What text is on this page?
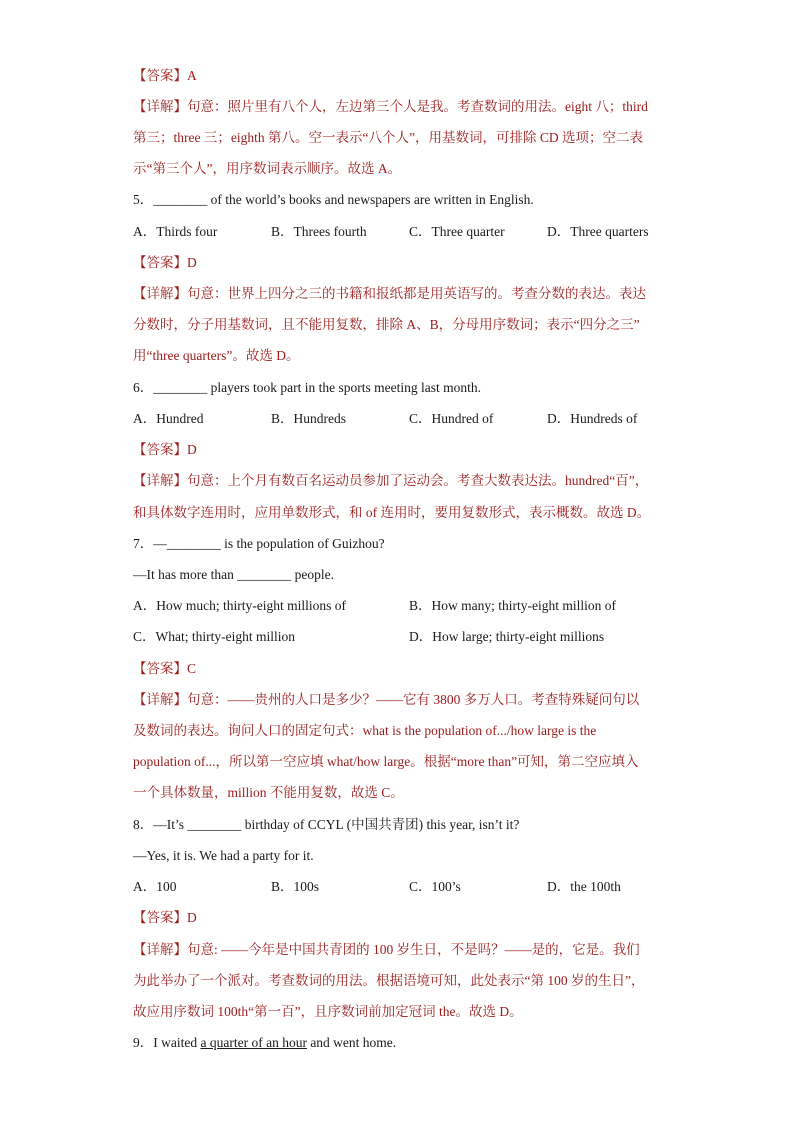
【答案】A

【详解】句意：照片里有八个人，左边第三个人是我。考查数词的用法。eight 八；third

第三；three 三；eighth 第八。空一表示“八个人”，用基数词，可排除 CD 选项；空二表

示“第三个人”，用序数词表示顺序。故选 A。

5．________ of the world’s books and newspapers are written in English.

A．Thirds four	B．Threes fourth	C．Three quarter	D．Three quarters

【答案】D

【详解】句意：世界上四分之三的书籍和报纸都是用英语写的。考查分数的表达。表达

分数时，分子用基数词，且不能用复数，排除 A、B，分母用序数词；表示“四分之三”

用“three quarters”。故选 D。

6．________ players took part in the sports meeting last month.

A．Hundred	B．Hundreds	C．Hundred of	D．Hundreds of

【答案】D

【详解】句意：上个月有数百名运动员参加了运动会。考查大数表达法。hundred“百”，

和具体数字连用时，应用单数形式，和 of 连用时，要用复数形式，表示概数。故选 D。

7．—________ is the population of Guizhou?

—It has more than ________ people.

A．How much; thirty-eight millions of	B．How many; thirty-eight million of
C．What; thirty-eight million	D．How large; thirty-eight millions

【答案】C

【详解】句意：——贵州的人口是多少？——它有 3800 多万人口。考查特殊疑问句以

及数词的表达。询问人口的固定句式：what is the population of.../how large is the

population of...，所以第一空应填 what/how large。根据“more than”可知，第二空应填入

一个具体数量，million 不能用复数，故选 C。

8．—It’s ________ birthday of CCYL (中国共青团) this year, isn’t it?

—Yes, it is. We had a party for it.

A．100	B．100s	C．100’s	D．the 100th

【答案】D

【详解】句意: ——今年是中国共青团的 100 岁生日，不是吗？——是的，它是。我们

为此举办了一个派对。考查数词的用法。根据语境可知，此处表示“第 100 岁的生日”，

故应用序数词 100th“第一百”，且序数词前加定冠词 the。故选 D。

9．I waited a quarter of an hour and went home.
